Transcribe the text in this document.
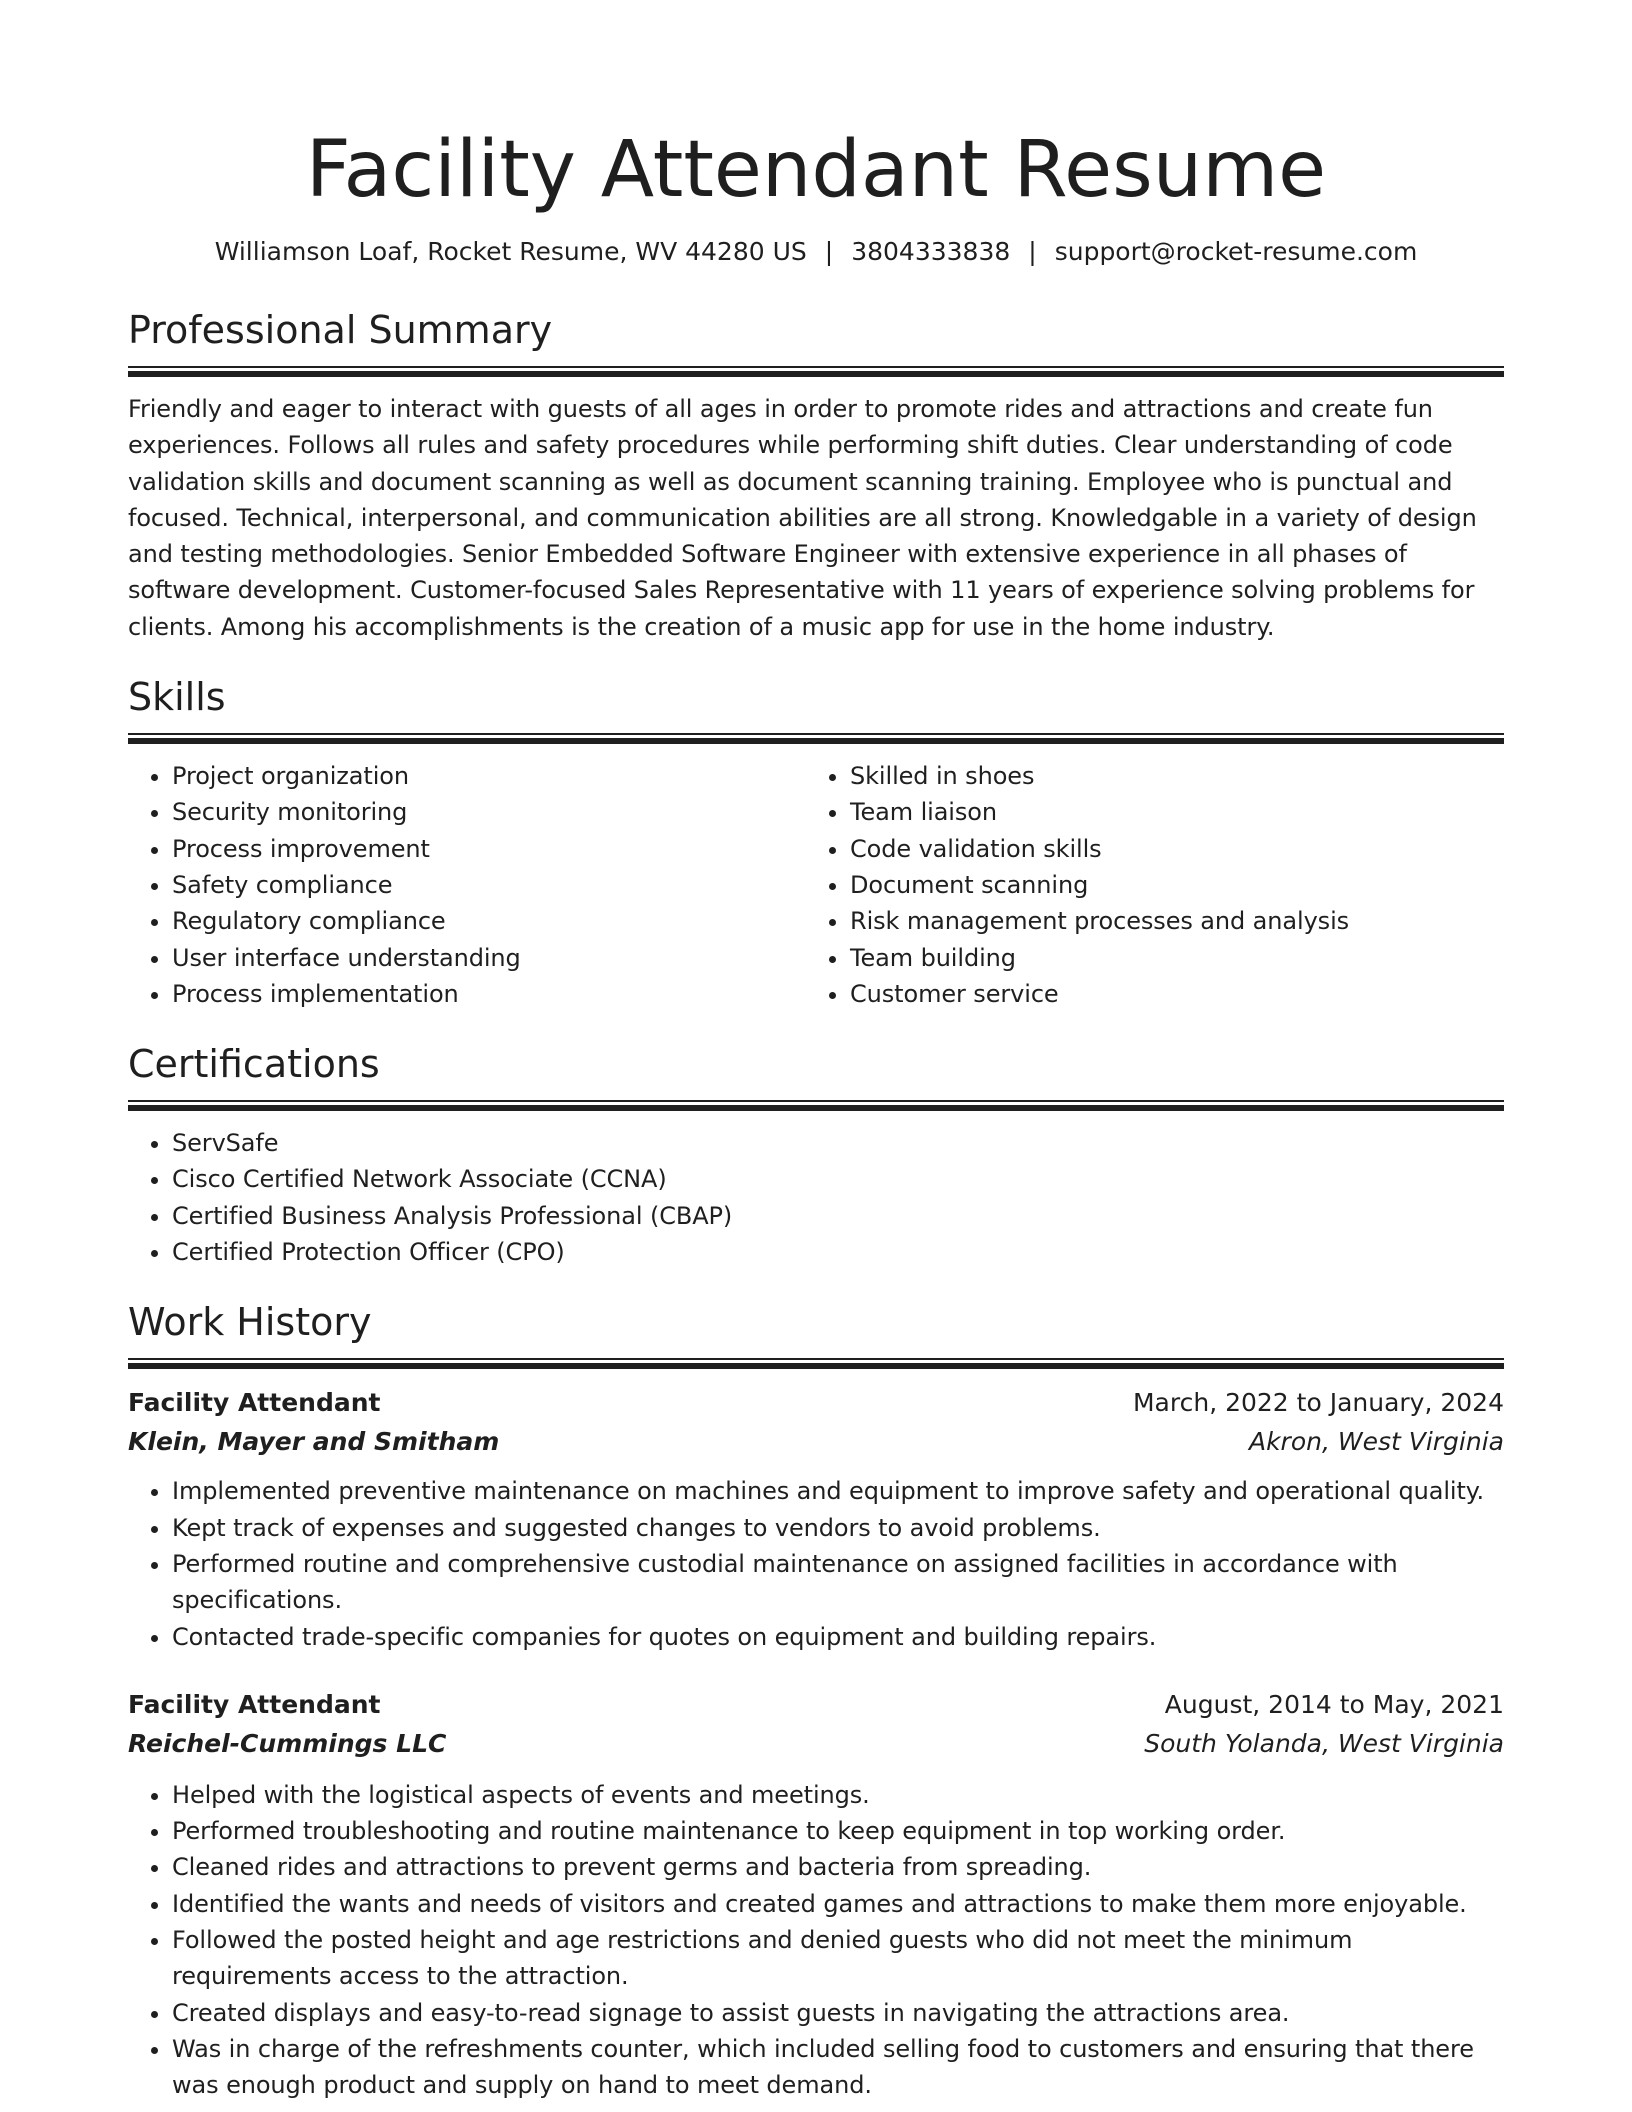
Facility Attendant Resume
Williamson Loaf, Rocket Resume, WV 44280 US | 3804333838 | support@rocket-resume.com
Professional Summary
Friendly and eager to interact with guests of all ages in order to promote rides and attractions and create fun experiences. Follows all rules and safety procedures while performing shift duties. Clear understanding of code validation skills and document scanning as well as document scanning training. Employee who is punctual and focused. Technical, interpersonal, and communication abilities are all strong. Knowledgable in a variety of design and testing methodologies. Senior Embedded Software Engineer with extensive experience in all phases of software development. Customer-focused Sales Representative with 11 years of experience solving problems for clients. Among his accomplishments is the creation of a music app for use in the home industry.
Skills
• Project organization
• Security monitoring
• Process improvement
• Safety compliance
• Regulatory compliance
• User interface understanding
• Process implementation
• Skilled in shoes
• Team liaison
• Code validation skills
• Document scanning
• Risk management processes and analysis
• Team building
• Customer service
Certifications
• ServSafe
• Cisco Certified Network Associate (CCNA)
• Certified Business Analysis Professional (CBAP)
• Certified Protection Officer (CPO)
Work History
Facility Attendant	March, 2022 to January, 2024
Klein, Mayer and Smitham	Akron, West Virginia
• Implemented preventive maintenance on machines and equipment to improve safety and operational quality.
• Kept track of expenses and suggested changes to vendors to avoid problems.
• Performed routine and comprehensive custodial maintenance on assigned facilities in accordance with specifications.
• Contacted trade-specific companies for quotes on equipment and building repairs.
Facility Attendant	August, 2014 to May, 2021
Reichel-Cummings LLC	South Yolanda, West Virginia
• Helped with the logistical aspects of events and meetings.
• Performed troubleshooting and routine maintenance to keep equipment in top working order.
• Cleaned rides and attractions to prevent germs and bacteria from spreading.
• Identified the wants and needs of visitors and created games and attractions to make them more enjoyable.
• Followed the posted height and age restrictions and denied guests who did not meet the minimum requirements access to the attraction.
• Created displays and easy-to-read signage to assist guests in navigating the attractions area.
• Was in charge of the refreshments counter, which included selling food to customers and ensuring that there was enough product and supply on hand to meet demand.
